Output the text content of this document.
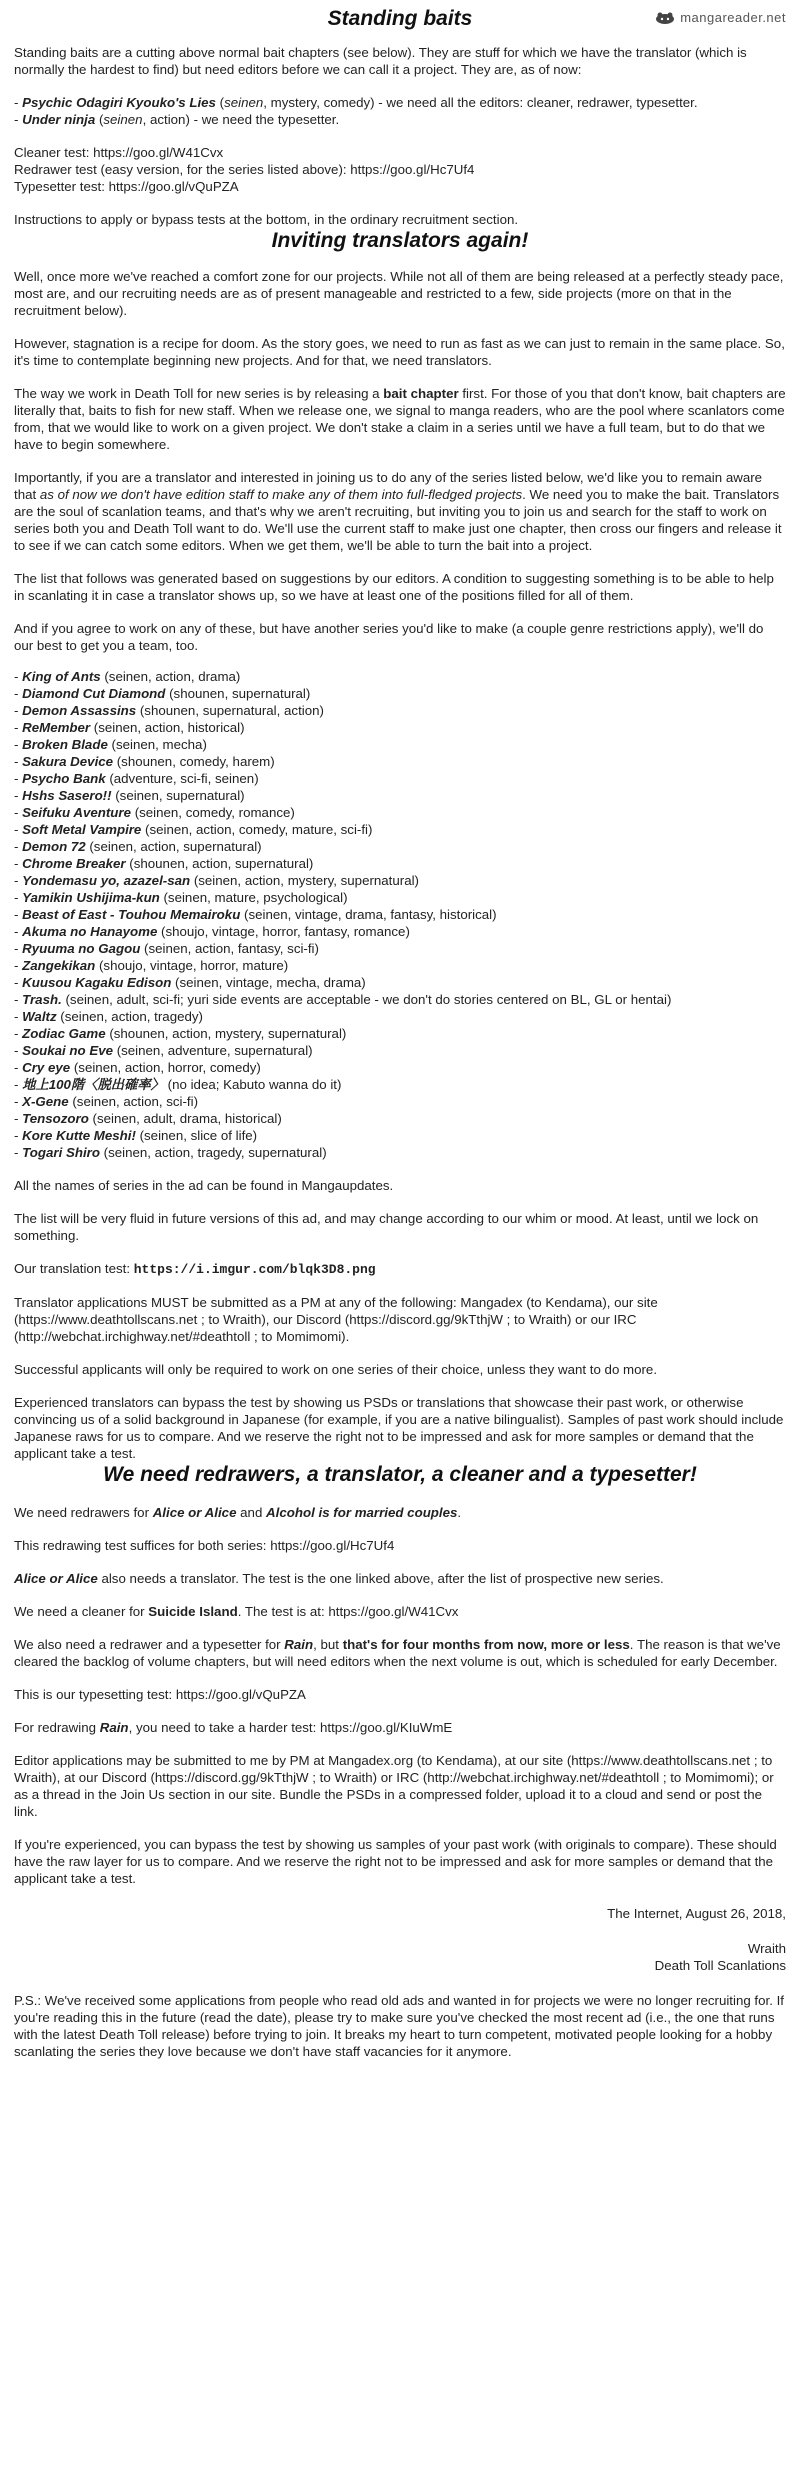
mangareader.net
Standing baits

Standing baits are a cutting above normal bait chapters (see below). They are stuff for which we have the translator (which is normally the hardest to find) but need editors before we can call it a project. They are, as of now:

- Psychic Odagiri Kyouko's Lies (seinen, mystery, comedy) - we need all the editors: cleaner, redrawer, typesetter.

- Under ninja (seinen, action) - we need the typesetter.

Cleaner test: https://goo.gl/W41Cvx

Redrawer test (easy version, for the series listed above): https://goo.gl/Hc7Uf4

Typesetter test: https://goo.gl/vQuPZA

Instructions to apply or bypass tests at the bottom, in the ordinary recruitment section.

Inviting translators again!

Well, once more we've reached a comfort zone for our projects. While not all of them are being released at a perfectly steady pace, most are, and our recruiting needs are as of present manageable and restricted to a few, side projects (more on that in the recruitment below).

However, stagnation is a recipe for doom. As the story goes, we need to run as fast as we can just to remain in the same place. So, it's time to contemplate beginning new projects. And for that, we need translators.

The way we work in Death Toll for new series is by releasing a bait chapter first. For those of you that don't know, bait chapters are literally that, baits to fish for new staff. When we release one, we signal to manga readers, who are the pool where scanlators come from, that we would like to work on a given project. We don't stake a claim in a series until we have a full team, but to do that we have to begin somewhere.

Importantly, if you are a translator and interested in joining us to do any of the series listed below, we'd like you to remain aware that as of now we don't have edition staff to make any of them into full-fledged projects. We need you to make the bait. Translators are the soul of scanlation teams, and that's why we aren't recruiting, but inviting you to join us and search for the staff to work on series both you and Death Toll want to do. We'll use the current staff to make just one chapter, then cross our fingers and release it to see if we can catch some editors. When we get them, we'll be able to turn the bait into a project.

The list that follows was generated based on suggestions by our editors. A condition to suggesting something is to be able to help in scanlating it in case a translator shows up, so we have at least one of the positions filled for all of them.

And if you agree to work on any of these, but have another series you'd like to make (a couple genre restrictions apply), we'll do our best to get you a team, too.

- King of Ants (seinen, action, drama)
- Diamond Cut Diamond (shounen, supernatural)
- Demon Assassins (shounen, supernatural, action)
- ReMember (seinen, action, historical)
- Broken Blade (seinen, mecha)
- Sakura Device (shounen, comedy, harem)
- Psycho Bank (adventure, sci-fi, seinen)
- Hshs Sasero!! (seinen, supernatural)
- Seifuku Aventure (seinen, comedy, romance)
- Soft Metal Vampire (seinen, action, comedy, mature, sci-fi)
- Demon 72 (seinen, action, supernatural)
- Chrome Breaker (shounen, action, supernatural)
- Yondemasu yo, azazel-san (seinen, action, mystery, supernatural)
- Yamikin Ushijima-kun (seinen, mature, psychological)
- Beast of East - Touhou Memairoku (seinen, vintage, drama, fantasy, historical)
- Akuma no Hanayome (shoujo, vintage, horror, fantasy, romance)
- Ryuuma no Gagou (seinen, action, fantasy, sci-fi)
- Zangekikan (shoujo, vintage, horror, mature)
- Kuusou Kagaku Edison (seinen, vintage, mecha, drama)
- Trash. (seinen, adult, sci-fi; yuri side events are acceptable - we don't do stories centered on BL, GL or hentai)
- Waltz (seinen, action, tragedy)
- Zodiac Game (shounen, action, mystery, supernatural)
- Soukai no Eve (seinen, adventure, supernatural)
- Cry eye (seinen, action, horror, comedy)
- 地上100階〈脱出確率〉 (no idea; Kabuto wanna do it)
- X-Gene (seinen, action, sci-fi)
- Tensozoro (seinen, adult, drama, historical)
- Kore Kutte Meshi! (seinen, slice of life)
- Togari Shiro (seinen, action, tragedy, supernatural)

All the names of series in the ad can be found in Mangaupdates.

The list will be very fluid in future versions of this ad, and may change according to our whim or mood. At least, until we lock on something.

Our translation test: https://i.imgur.com/blqk3D8.png

Translator applications MUST be submitted as a PM at any of the following: Mangadex (to Kendama), our site (https://www.deathtollscans.net ; to Wraith), our Discord (https://discord.gg/9kTthjW ; to Wraith) or our IRC (http://webchat.irchighway.net/#deathtoll ; to Momimomi).

Successful applicants will only be required to work on one series of their choice, unless they want to do more.

Experienced translators can bypass the test by showing us PSDs or translations that showcase their past work, or otherwise convincing us of a solid background in Japanese (for example, if you are a native bilingualist). Samples of past work should include Japanese raws for us to compare. And we reserve the right not to be impressed and ask for more samples or demand that the applicant take a test.

We need redrawers, a translator, a cleaner and a typesetter!

We need redrawers for Alice or Alice and Alcohol is for married couples.

This redrawing test suffices for both series: https://goo.gl/Hc7Uf4

Alice or Alice also needs a translator. The test is the one linked above, after the list of prospective new series.

We need a cleaner for Suicide Island. The test is at: https://goo.gl/W41Cvx

We also need a redrawer and a typesetter for Rain, but that's for four months from now, more or less. The reason is that we've cleared the backlog of volume chapters, but will need editors when the next volume is out, which is scheduled for early December.

This is our typesetting test: https://goo.gl/vQuPZA

For redrawing Rain, you need to take a harder test: https://goo.gl/KIuWmE

Editor applications may be submitted to me by PM at Mangadex.org (to Kendama), at our site (https://www.deathtollscans.net ; to Wraith), at our Discord (https://discord.gg/9kTthjW ; to Wraith) or IRC (http://webchat.irchighway.net/#deathtoll ; to Momimomi); or as a thread in the Join Us section in our site. Bundle the PSDs in a compressed folder, upload it to a cloud and send or post the link.

If you're experienced, you can bypass the test by showing us samples of your past work (with originals to compare). These should have the raw layer for us to compare. And we reserve the right not to be impressed and ask for more samples or demand that the applicant take a test.

The Internet, August 26, 2018,

Wraith

Death Toll Scanlations

P.S.: We've received some applications from people who read old ads and wanted in for projects we were no longer recruiting for. If you're reading this in the future (read the date), please try to make sure you've checked the most recent ad (i.e., the one that runs with the latest Death Toll release) before trying to join. It breaks my heart to turn competent, motivated people looking for a hobby scanlating the series they love because we don't have staff vacancies for it anymore.
